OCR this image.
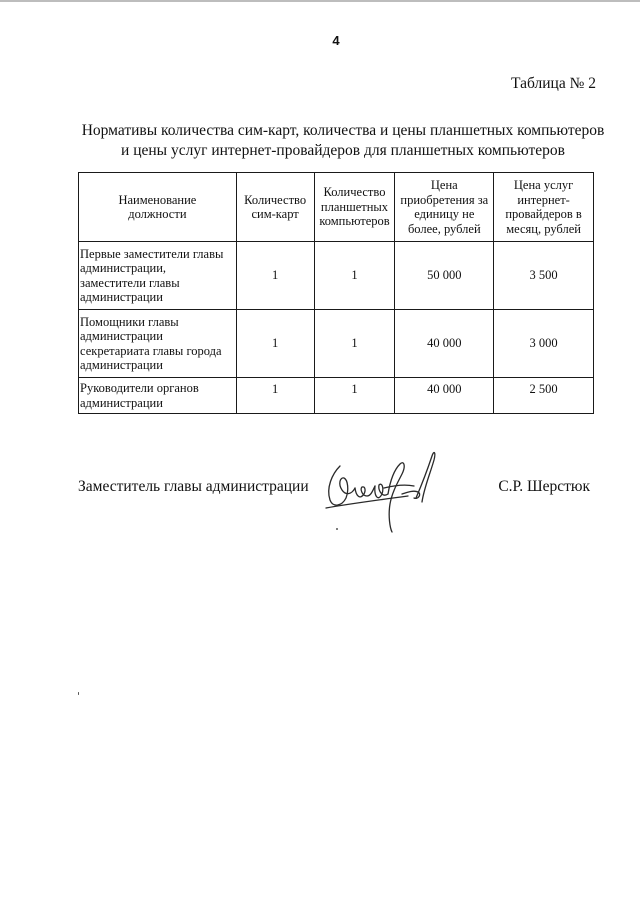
4
Таблица № 2
Нормативы количества сим-карт, количества и цены планшетных компьютеров
и цены услуг интернет-провайдеров для планшетных компьютеров
Наименование должности	Количество сим-карт	Количество планшетных компьютеров	Цена приобретения за единицу не более, рублей	Цена услуг интернет-провайдеров в месяц, рублей

Первые заместители главы администрации, заместители главы администрации	1	1	50 000	3 500

Помощники главы администрации секретариата главы города администрации	1	1	40 000	3 000

Руководители органов администрации	1	1	40 000	2 500
Заместитель главы администрации	С.Р. Шерстюк
